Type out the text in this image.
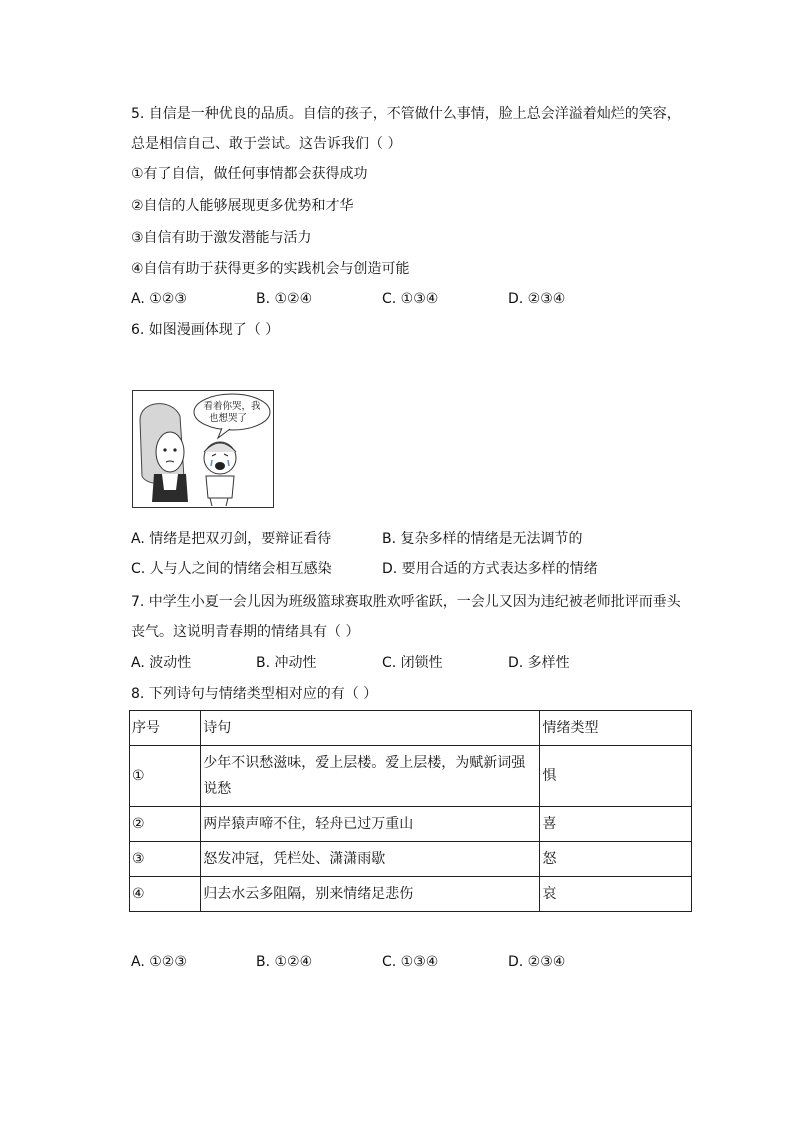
5. 自信是一种优良的品质。自信的孩子，不管做什么事情，脸上总会洋溢着灿烂的笑容，
总是相信自己、敢于尝试。这告诉我们（ ）
①有了自信，做任何事情都会获得成功
②自信的人能够展现更多优势和才华
③自信有助于激发潜能与活力
④自信有助于获得更多的实践机会与创造可能
A. ①②③	B. ①②④	C. ①③④	D. ②③④
6. 如图漫画体现了（ ）
看着你哭，我
也想哭了
A. 情绪是把双刃剑，要辩证看待	B. 复杂多样的情绪是无法调节的
C. 人与人之间的情绪会相互感染	D. 要用合适的方式表达多样的情绪
7. 中学生小夏一会儿因为班级篮球赛取胜欢呼雀跃，一会儿又因为违纪被老师批评而垂头
丧气。这说明青春期的情绪具有（ ）
A. 波动性	B. 冲动性	C. 闭锁性	D. 多样性
8. 下列诗句与情绪类型相对应的有（ ）
序号	诗句	情绪类型
①	少年不识愁滋味，爱上层楼。爱上层楼，为赋新词强说愁	惧
②	两岸猿声啼不住，轻舟已过万重山	喜
③	怒发冲冠，凭栏处、潇潇雨歇	怒
④	归去水云多阻隔，别来情绪足悲伤	哀
A. ①②③	B. ①②④	C. ①③④	D. ②③④
